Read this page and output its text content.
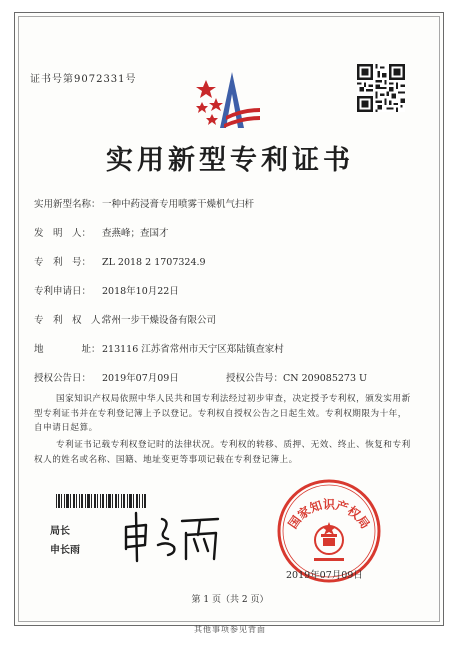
证书号第9072331号
实用新型专利证书
实用新型名称：一种中药浸膏专用喷雾干燥机气扫杆
发　明　人： 查燕峰；查国才
专　利　号： ZL 2018 2 1707324.9
专利申请日： 2018年10月22日
专　利　权　人：常州一步干燥设备有限公司
地　　　　址：213116 江苏省常州市天宁区郑陆镇查家村
授权公告日： 2019年07月09日	授权公告号：CN 209085273 U
国家知识产权局依照中华人民共和国专利法经过初步审查，决定授予专利权，颁发实用新型专利证书并在专利登记簿上予以登记。专利权自授权公告之日起生效。专利权期限为十年，自申请日起算。
专利证书记载专利权登记时的法律状况。专利权的转移、质押、无效、终止、恢复和专利权人的姓名或名称、国籍、地址变更等事项记载在专利登记簿上。
局长
申长雨
国家知识产权局
2019年07月09日
第 1 页（共 2 页）
其他事项参见背面
